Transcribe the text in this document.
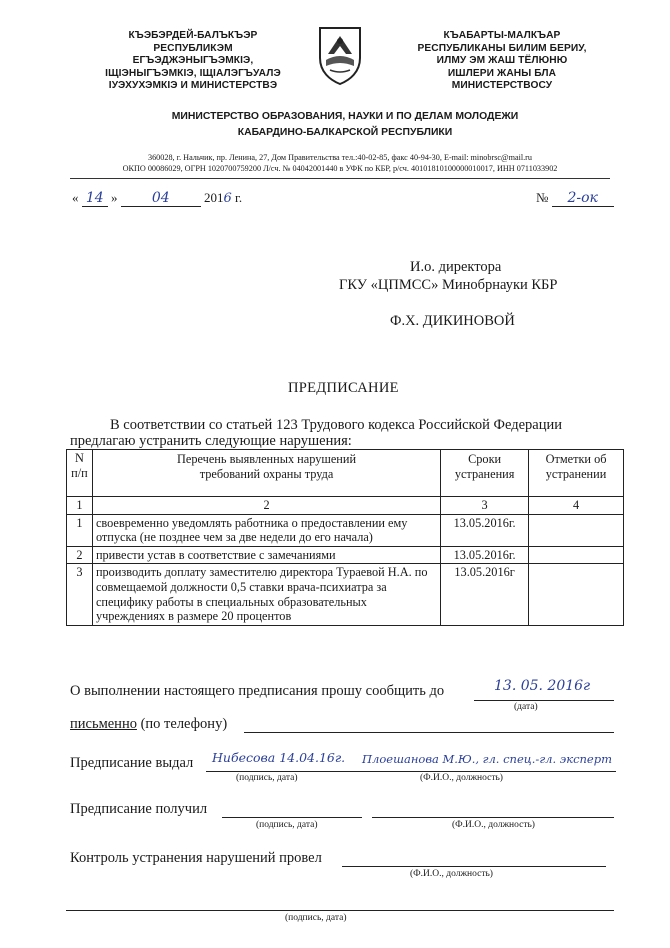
КЪЭБЭРДЕЙ-БАЛЪКЪЭР
РЕСПУБЛИКЭМ
ЕГЪЭДЖЭНЫГЪЭМКIЭ,
IЩIЭНЫГЪЭМКIЭ, IЩIАЛЭГЪУАЛЭ
IУЭХУХЭМКIЭ И МИНИСТЕРСТВЭ
КЪАБАРТЫ-МАЛКЪАР
РЕСПУБЛИКАНЫ БИЛИМ БЕРИУ,
ИЛМУ ЭМ ЖАШ ТЁЛЮНЮ
ИШЛЕРИ ЖАНЫ БЛА
МИНИСТЕРСТВОСУ
МИНИСТЕРСТВО ОБРАЗОВАНИЯ, НАУКИ И ПО ДЕЛАМ МОЛОДЕЖИ
КАБАРДИНО-БАЛКАРСКОЙ РЕСПУБЛИКИ
360028, г. Нальчик, пр. Ленина, 27, Дом Правительства тел.:40-02-85, факс 40-94-30, E-mail: minobrsc@mail.ru
ОКПО 00086029, ОГРН 1020700759200 Л/сч. № 04042001440 в УФК по КБР, р/сч. 40101810100000010017, ИНН 0711033902
« 14 » 04	2016 г.	№ 2-ок
И.о. директора
ГКУ «ЦПМСС» Минобрнауки КБР
Ф.Х. ДИКИНОВОЙ
ПРЕДПИСАНИЕ
В соответствии со статьей 123 Трудового кодекса Российской Федерации
предлагаю устранить следующие нарушения:
N п/п	Перечень выявленных нарушений требований охраны труда	Сроки устранения	Отметки об устранении
1	2	3	4
1	своевременно уведомлять работника о предоставлении ему отпуска (не позднее чем за две недели до его начала)	13.05.2016г.	
2	привести устав в соответствие с замечаниями	13.05.2016г.	
3	производить доплату заместителю директора Тураевой Н.А. по совмещаемой должности 0,5 ставки врача-психиатра за специфику работы в специальных образовательных учреждениях в размере 20 процентов	13.05.2016г	
О выполнении настоящего предписания прошу сообщить до	13. 05. 2016г
(дата)
письменно (по телефону)
Предписание выдал Нибесова 14.04.16г. Плоешанова М.Ю., гл. спец.-гл. эксперт
(подпись, дата)	(Ф.И.О., должность)
Предписание получил
(подпись, дата)	(Ф.И.О., должность)
Контроль устранения нарушений провел
(Ф.И.О., должность)
(подпись, дата)
